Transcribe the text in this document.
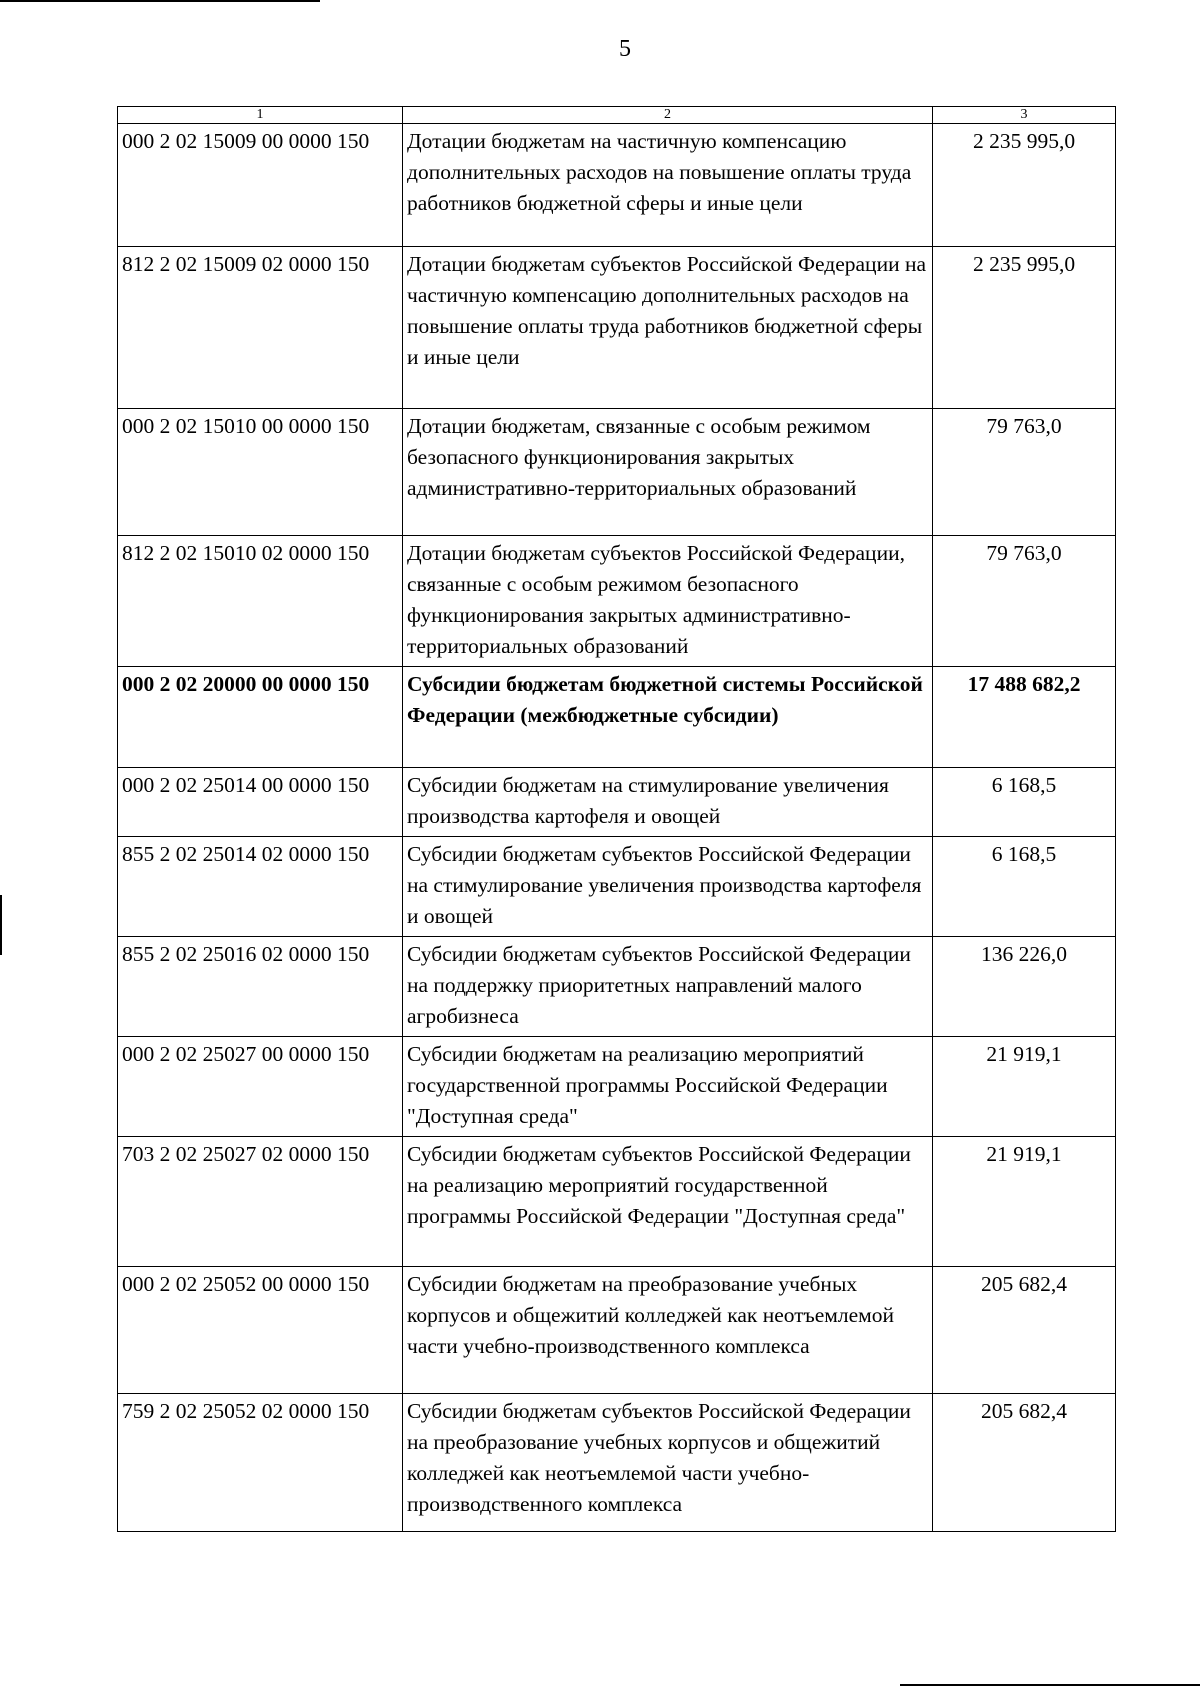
5
1	2	3
000 2 02 15009 00 0000 150	Дотации бюджетам на частичную компенсацию дополнительных расходов на повышение оплаты труда работников бюджетной сферы и иные цели	2 235 995,0
812 2 02 15009 02 0000 150	Дотации бюджетам субъектов Российской Федерации на частичную компенсацию дополнительных расходов на повышение оплаты труда работников бюджетной сферы и иные цели	2 235 995,0
000 2 02 15010 00 0000 150	Дотации бюджетам, связанные с особым режимом безопасного функционирования закрытых административно-территориальных образований	79 763,0
812 2 02 15010 02 0000 150	Дотации бюджетам субъектов Российской Федерации, связанные с особым режимом безопасного функционирования закрытых административно-территориальных образований	79 763,0
000 2 02 20000 00 0000 150	Субсидии бюджетам бюджетной системы Российской Федерации (межбюджетные субсидии)	17 488 682,2
000 2 02 25014 00 0000 150	Субсидии бюджетам на стимулирование увеличения производства картофеля и овощей	6 168,5
855 2 02 25014 02 0000 150	Субсидии бюджетам субъектов Российской Федерации на стимулирование увеличения производства картофеля и овощей	6 168,5
855 2 02 25016 02 0000 150	Субсидии бюджетам субъектов Российской Федерации на поддержку приоритетных направлений малого агробизнеса	136 226,0
000 2 02 25027 00 0000 150	Субсидии бюджетам на реализацию мероприятий государственной программы Российской Федерации "Доступная среда"	21 919,1
703 2 02 25027 02 0000 150	Субсидии бюджетам субъектов Российской Федерации на реализацию мероприятий государственной программы Российской Федерации "Доступная среда"	21 919,1
000 2 02 25052 00 0000 150	Субсидии бюджетам на преобразование учебных корпусов и общежитий колледжей как неотъемлемой части учебно-производственного комплекса	205 682,4
759 2 02 25052 02 0000 150	Субсидии бюджетам субъектов Российской Федерации на преобразование учебных корпусов и общежитий колледжей как неотъемлемой части учебно-производственного комплекса	205 682,4
